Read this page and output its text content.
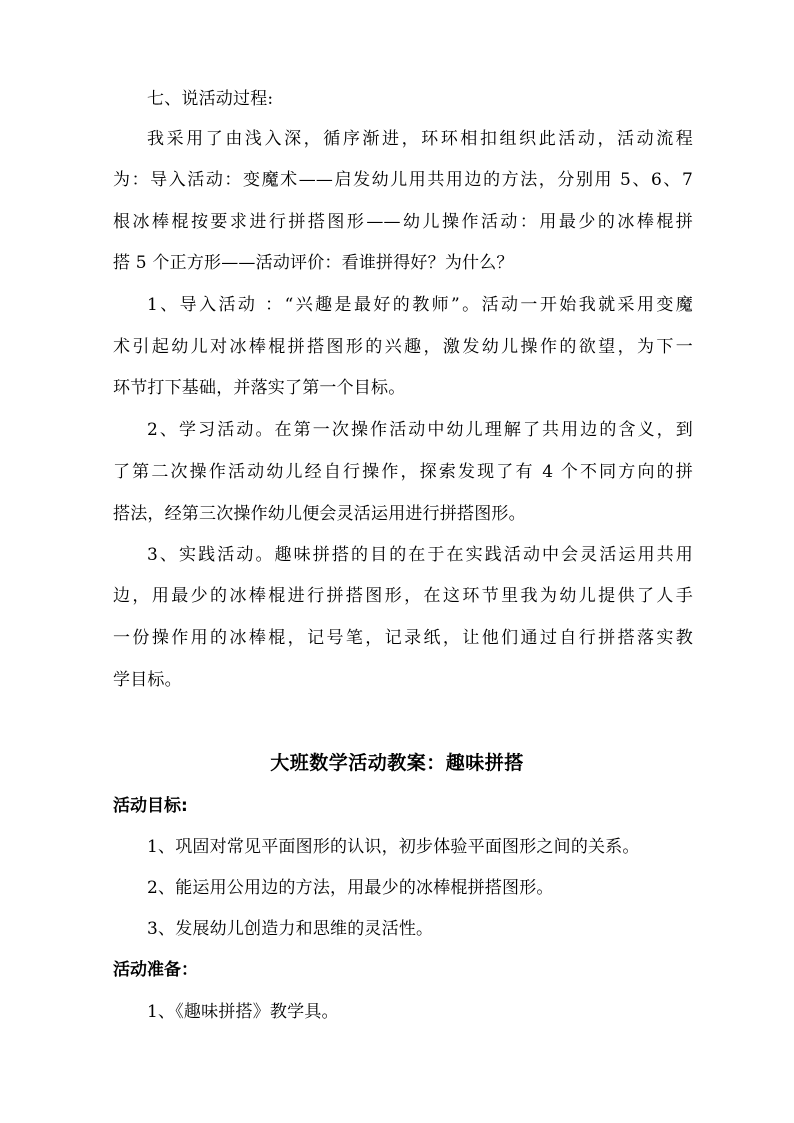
七、说活动过程:
我采用了由浅入深，循序渐进，环环相扣组织此活动，活动流程
为：导入活动：变魔术——启发幼儿用共用边的方法，分别用 5、6、7
根冰棒棍按要求进行拼搭图形——幼儿操作活动：用最少的冰棒棍拼
搭 5 个正方形——活动评价：看谁拼得好？为什么？
1、导入活动 ：“兴趣是最好的教师”。活动一开始我就采用变魔
术引起幼儿对冰棒棍拼搭图形的兴趣，激发幼儿操作的欲望，为下一
环节打下基础，并落实了第一个目标。
2、学习活动。在第一次操作活动中幼儿理解了共用边的含义，到
了第二次操作活动幼儿经自行操作，探索发现了有 4 个不同方向的拼
搭法，经第三次操作幼儿便会灵活运用进行拼搭图形。
3、实践活动。趣味拼搭的目的在于在实践活动中会灵活运用共用
边，用最少的冰棒棍进行拼搭图形，在这环节里我为幼儿提供了人手
一份操作用的冰棒棍，记号笔，记录纸，让他们通过自行拼搭落实教
学目标。
大班数学活动教案：趣味拼搭
活动目标:
1、巩固对常见平面图形的认识，初步体验平面图形之间的关系。
2、能运用公用边的方法，用最少的冰棒棍拼搭图形。
3、发展幼儿创造力和思维的灵活性。
活动准备：
1、《趣味拼搭》教学具。
